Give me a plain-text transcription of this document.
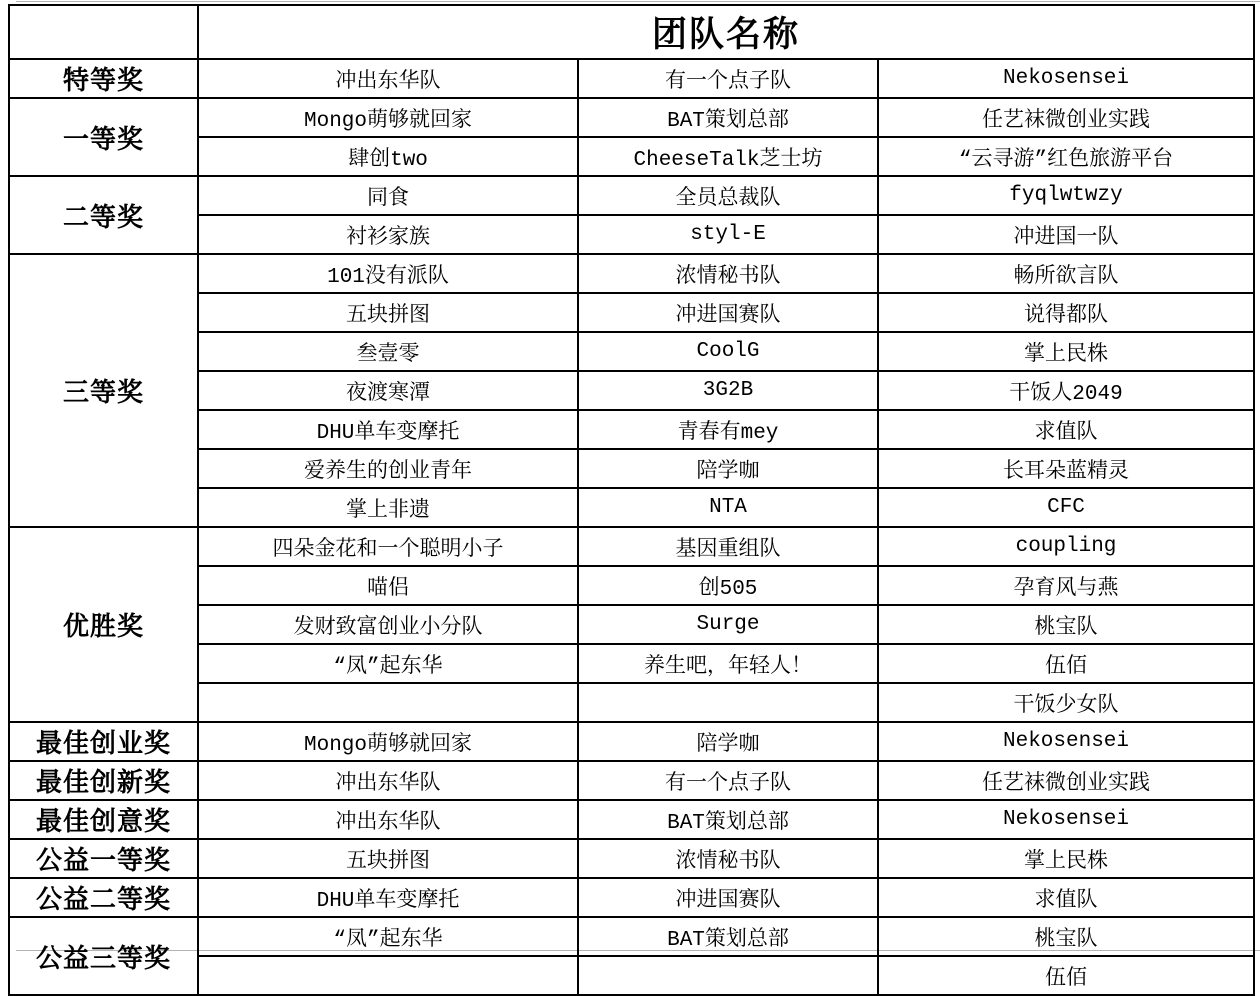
	团队名称		
特等奖	冲出东华队	有一个点子队	Nekosensei
一等奖	Mongo萌够就回家	BAT策划总部	任艺袜微创业实践
	肆创two	CheeseTalk芝士坊	“云寻游”红色旅游平台
二等奖	同食	全员总裁队	fyqlwtwzy
	衬衫家族	styl-E	冲进国一队
三等奖	101没有派队	浓情秘书队	畅所欲言队
	五块拼图	冲进国赛队	说得都队
	叁壹零	CoolG	掌上民株
	夜渡寒潭	3G2B	干饭人2049
	DHU单车变摩托	青春有mey	求值队
	爱养生的创业青年	陪学咖	长耳朵蓝精灵
	掌上非遗	NTA	CFC
优胜奖	四朵金花和一个聪明小子	基因重组队	coupling
	喵侣	创505	孕育风与燕
	发财致富创业小分队	Surge	桃宝队
	“凤”起东华	养生吧，年轻人！	伍佰
			干饭少女队
最佳创业奖	Mongo萌够就回家	陪学咖	Nekosensei
最佳创新奖	冲出东华队	有一个点子队	任艺袜微创业实践
最佳创意奖	冲出东华队	BAT策划总部	Nekosensei
公益一等奖	五块拼图	浓情秘书队	掌上民株
公益二等奖	DHU单车变摩托	冲进国赛队	求值队
公益三等奖	“凤”起东华	BAT策划总部	桃宝队
			伍佰
